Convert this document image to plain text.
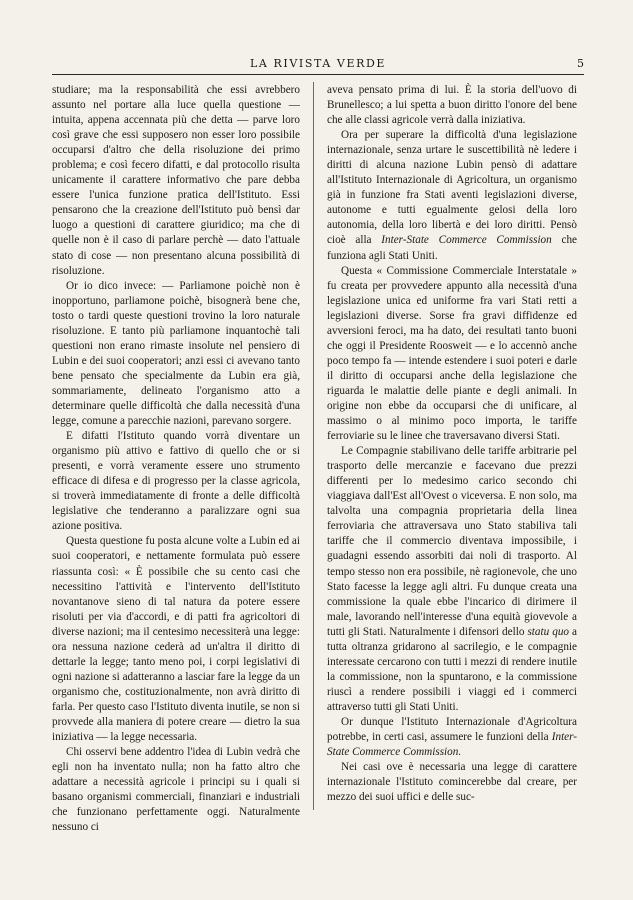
LA RIVISTA VERDE	5

studiare; ma la responsabilità che essi avrebbero assunto nel portare alla luce quella questione — intuita, appena accennata più che detta — parve loro così grave che essi supposero non esser loro possibile occuparsi d'altro che della risoluzione dei primo problema; e così fecero difatti, e dal protocollo risulta unicamente il carattere informativo che pare debba essere l'unica funzione pratica dell'Istituto. Essi pensarono che la creazione dell'Istituto può bensì dar luogo a questioni di carattere giuridico; ma che di quelle non è il caso di parlare perchè — dato l'attuale stato di cose — non presentano alcuna possibilità di risoluzione.

Or io dico invece: — Parliamone poichè non è inopportuno, parliamone poichè, bisognerà bene che, tosto o tardi queste questioni trovino la loro naturale risoluzione. E tanto più parliamone inquantochè tali questioni non erano rimaste insolute nel pensiero di Lubin e dei suoi cooperatori; anzi essi ci avevano tanto bene pensato che specialmente da Lubin era già, sommariamente, delineato l'organismo atto a determinare quelle difficoltà che dalla necessità d'una legge, comune a parecchie nazioni, parevano sorgere.

E difatti l'Istituto quando vorrà diventare un organismo più attivo e fattivo di quello che or si presenti, e vorrà veramente essere uno strumento efficace di difesa e di progresso per la classe agricola, si troverà immediatamente di fronte a delle difficoltà legislative che tenderanno a paralizzare ogni sua azione positiva.

Questa questione fu posta alcune volte a Lubin ed ai suoi cooperatori, e nettamente formulata può essere riassunta così: « È possibile che su cento casi che necessitino l'attività e l'intervento dell'Istituto novantanove sieno di tal natura da potere essere risoluti per via d'accordi, e di patti fra agricoltori di diverse nazioni; ma il centesimo necessiterà una legge: ora nessuna nazione cederà ad un'altra il diritto di dettarle la legge; tanto meno poi, i corpi legislativi di ogni nazione si adatteranno a lasciar fare la legge da un organismo che, costituzionalmente, non avrà diritto di farla. Per questo caso l'Istituto diventa inutile, se non si provvede alla maniera di potere creare — dietro la sua iniziativa — la legge necessaria.

Chi osservi bene addentro l'idea di Lubin vedrà che egli non ha inventato nulla; non ha fatto altro che adattare a necessità agricole i principi su i quali si basano organismi commerciali, finanziari e industriali che funzionano perfettamente oggi. Naturalmente nessuno ci

aveva pensato prima di lui. È la storia dell'uovo di Brunellesco; a lui spetta a buon diritto l'onore del bene che alle classi agricole verrà dalla iniziativa.

Ora per superare la difficoltà d'una legislazione internazionale, senza urtare le suscettibilità nè ledere i diritti di alcuna nazione Lubin pensò di adattare all'Istituto Internazionale di Agricoltura, un organismo già in funzione fra Stati aventi legislazioni diverse, autonome e tutti egualmente gelosi della loro autonomia, della loro libertà e dei loro diritti. Pensò cioè alla Inter-State Commerce Commission che funziona agli Stati Uniti.

Questa « Commissione Commerciale Interstatale » fu creata per provvedere appunto alla necessità d'una legislazione unica ed uniforme fra vari Stati retti a legislazioni diverse. Sorse fra gravi diffidenze ed avversioni feroci, ma ha dato, dei resultati tanto buoni che oggi il Presidente Roosweit — e lo accennò anche poco tempo fa — intende estendere i suoi poteri e darle il diritto di occuparsi anche della legislazione che riguarda le malattie delle piante e degli animali. In origine non ebbe da occuparsi che di unificare, al massimo o al minimo poco importa, le tariffe ferroviarie su le linee che traversavano diversi Stati.

Le Compagnie stabilivano delle tariffe arbitrarie pel trasporto delle mercanzie e facevano due prezzi differenti per lo medesimo carico secondo chi viaggiava dall'Est all'Ovest o viceversa. E non solo, ma talvolta una compagnia proprietaria della linea ferroviaria che attraversava uno Stato stabiliva tali tariffe che il commercio diventava impossibile, i guadagni essendo assorbiti dai noli di trasporto. Al tempo stesso non era possibile, nè ragionevole, che uno Stato facesse la legge agli altri. Fu dunque creata una commissione la quale ebbe l'incarico di dirimere il male, lavorando nell'interesse d'una equità giovevole a tutti gli Stati. Naturalmente i difensori dello statu quo a tutta oltranza gridarono al sacrilegio, e le compagnie interessate cercarono con tutti i mezzi di rendere inutile la commissione, non la spuntarono, e la commissione riuscì a rendere possibili i viaggi ed i commerci attraverso tutti gli Stati Uniti.

Or dunque l'Istituto Internazionale d'Agricoltura potrebbe, in certi casi, assumere le funzioni della Inter-State Commerce Commission.

Nei casi ove è necessaria una legge di carattere internazionale l'Istituto comincerebbe dal creare, per mezzo dei suoi uffici e delle suc-
